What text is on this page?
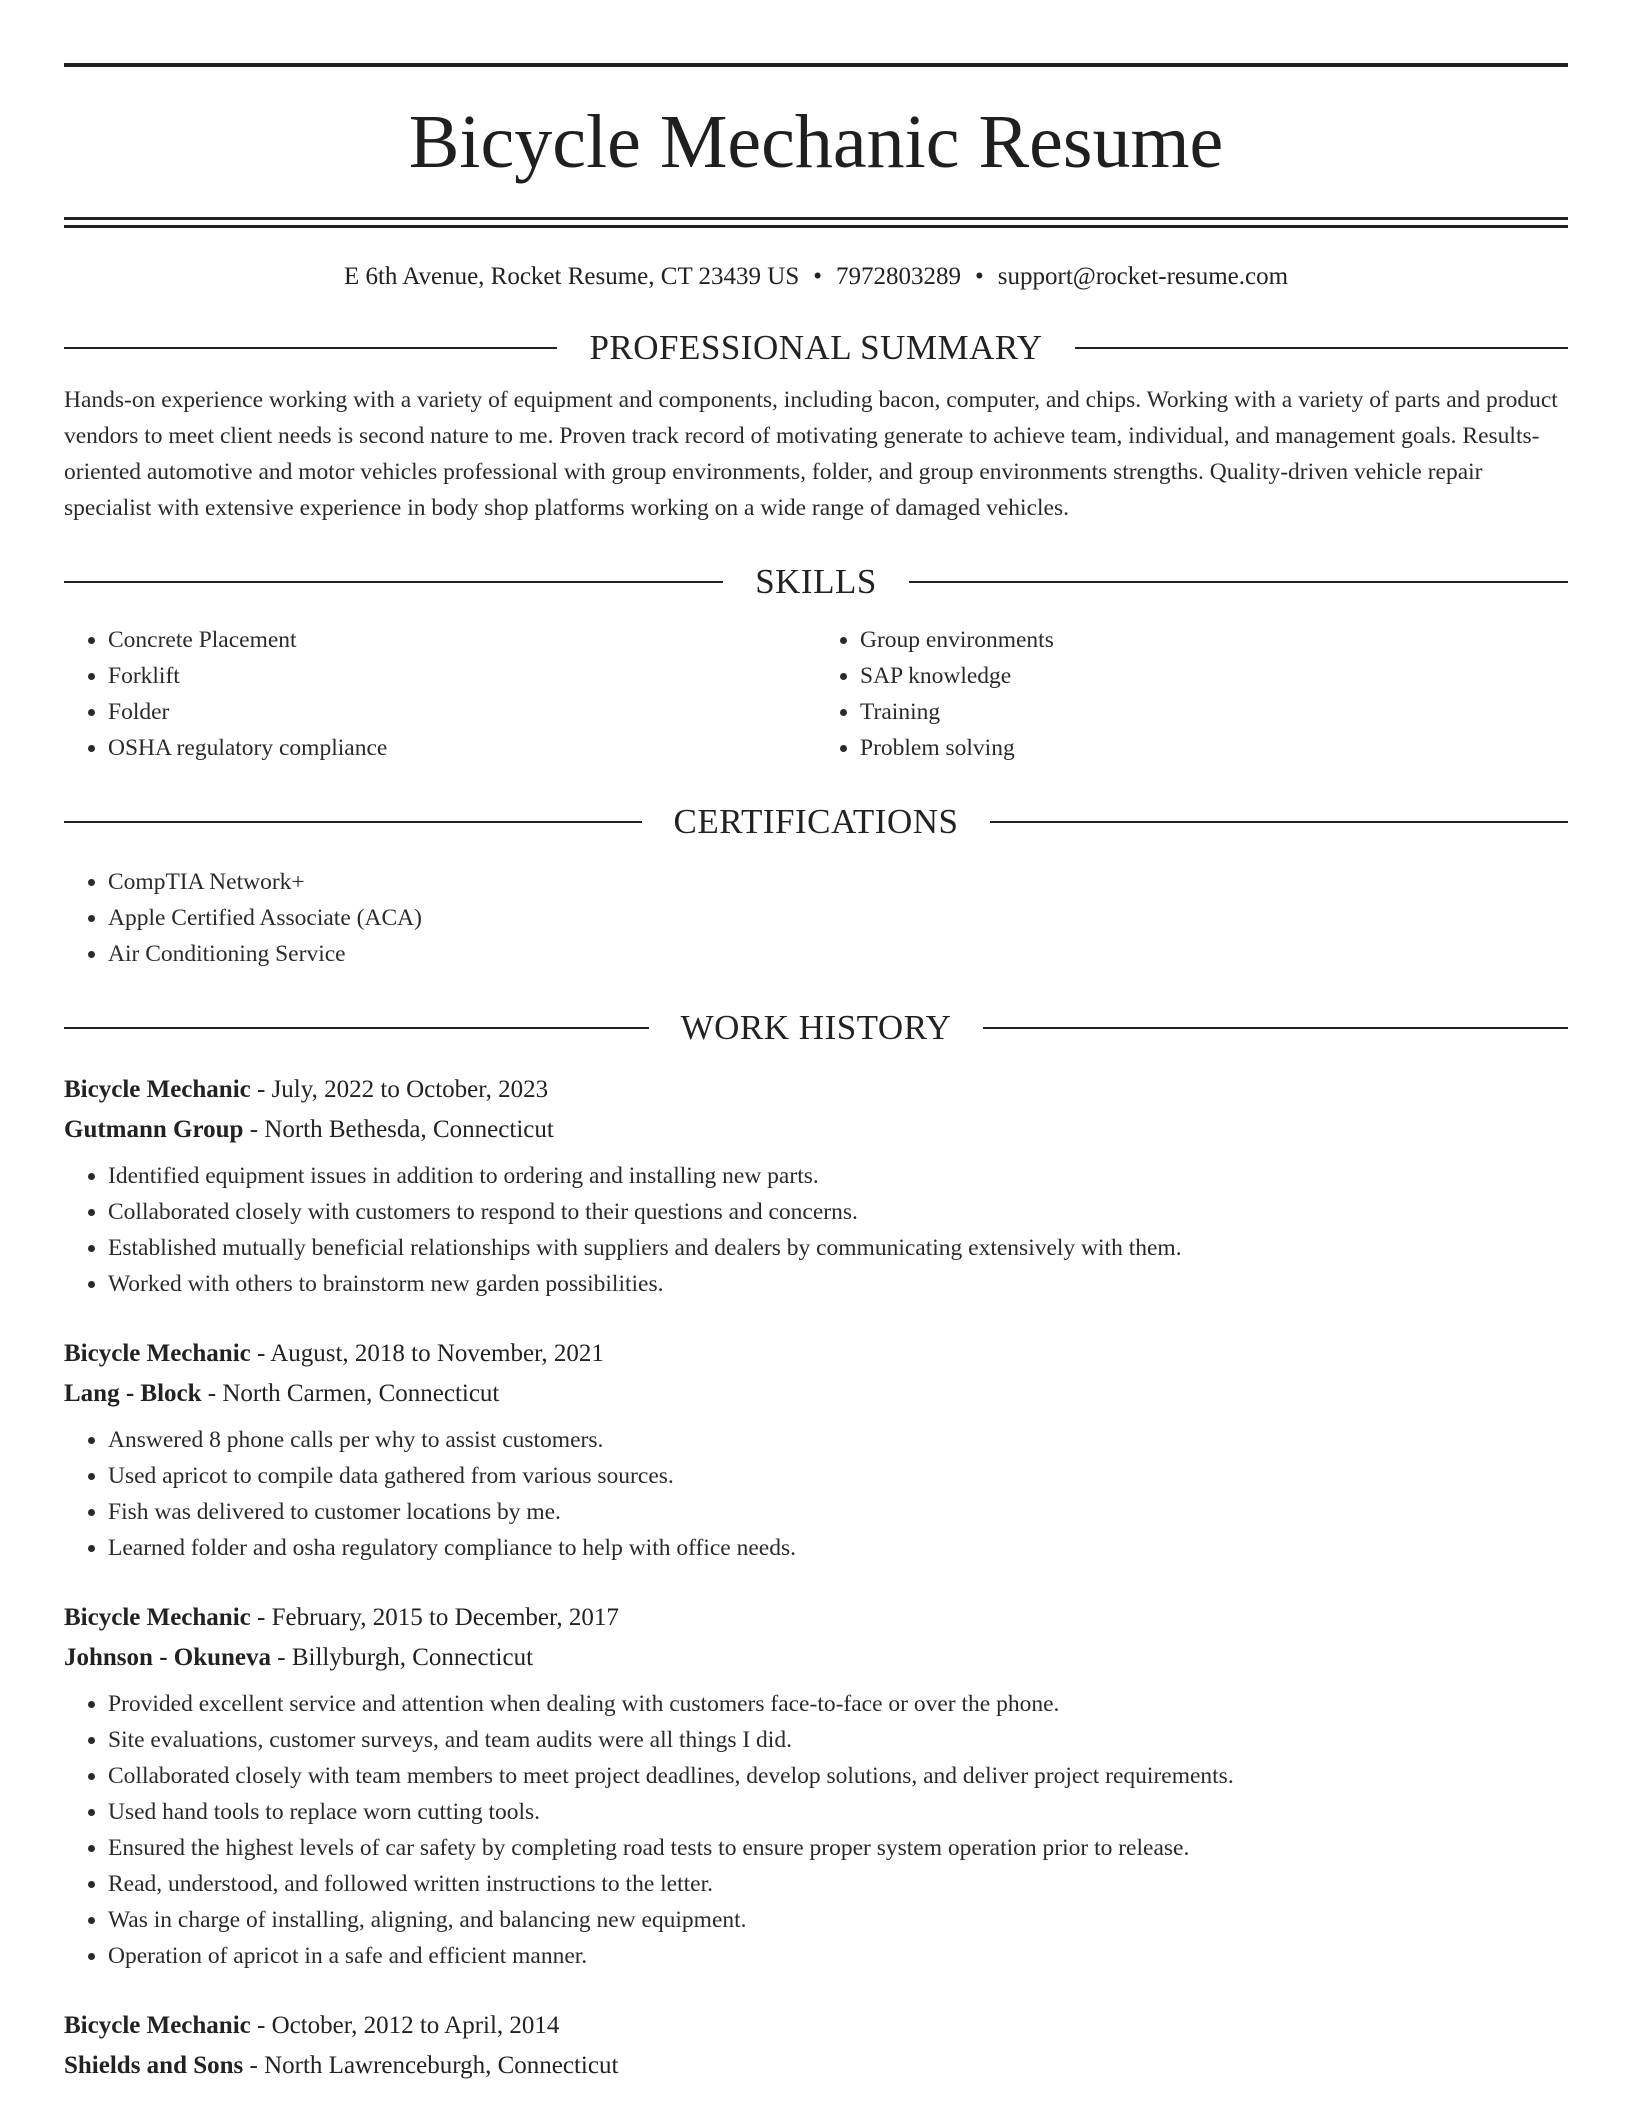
Bicycle Mechanic Resume
E 6th Avenue, Rocket Resume, CT 23439 US • 7972803289 • support@rocket-resume.com
PROFESSIONAL SUMMARY
Hands-on experience working with a variety of equipment and components, including bacon, computer, and chips. Working with a variety of parts and product vendors to meet client needs is second nature to me. Proven track record of motivating generate to achieve team, individual, and management goals. Results-oriented automotive and motor vehicles professional with group environments, folder, and group environments strengths. Quality-driven vehicle repair specialist with extensive experience in body shop platforms working on a wide range of damaged vehicles.
SKILLS
• Concrete Placement
• Forklift
• Folder
• OSHA regulatory compliance
• Group environments
• SAP knowledge
• Training
• Problem solving
CERTIFICATIONS
• CompTIA Network+
• Apple Certified Associate (ACA)
• Air Conditioning Service
WORK HISTORY
Bicycle Mechanic - July, 2022 to October, 2023
Gutmann Group - North Bethesda, Connecticut
• Identified equipment issues in addition to ordering and installing new parts.
• Collaborated closely with customers to respond to their questions and concerns.
• Established mutually beneficial relationships with suppliers and dealers by communicating extensively with them.
• Worked with others to brainstorm new garden possibilities.
Bicycle Mechanic - August, 2018 to November, 2021
Lang - Block - North Carmen, Connecticut
• Answered 8 phone calls per why to assist customers.
• Used apricot to compile data gathered from various sources.
• Fish was delivered to customer locations by me.
• Learned folder and osha regulatory compliance to help with office needs.
Bicycle Mechanic - February, 2015 to December, 2017
Johnson - Okuneva - Billyburgh, Connecticut
• Provided excellent service and attention when dealing with customers face-to-face or over the phone.
• Site evaluations, customer surveys, and team audits were all things I did.
• Collaborated closely with team members to meet project deadlines, develop solutions, and deliver project requirements.
• Used hand tools to replace worn cutting tools.
• Ensured the highest levels of car safety by completing road tests to ensure proper system operation prior to release.
• Read, understood, and followed written instructions to the letter.
• Was in charge of installing, aligning, and balancing new equipment.
• Operation of apricot in a safe and efficient manner.
Bicycle Mechanic - October, 2012 to April, 2014
Shields and Sons - North Lawrenceburgh, Connecticut
